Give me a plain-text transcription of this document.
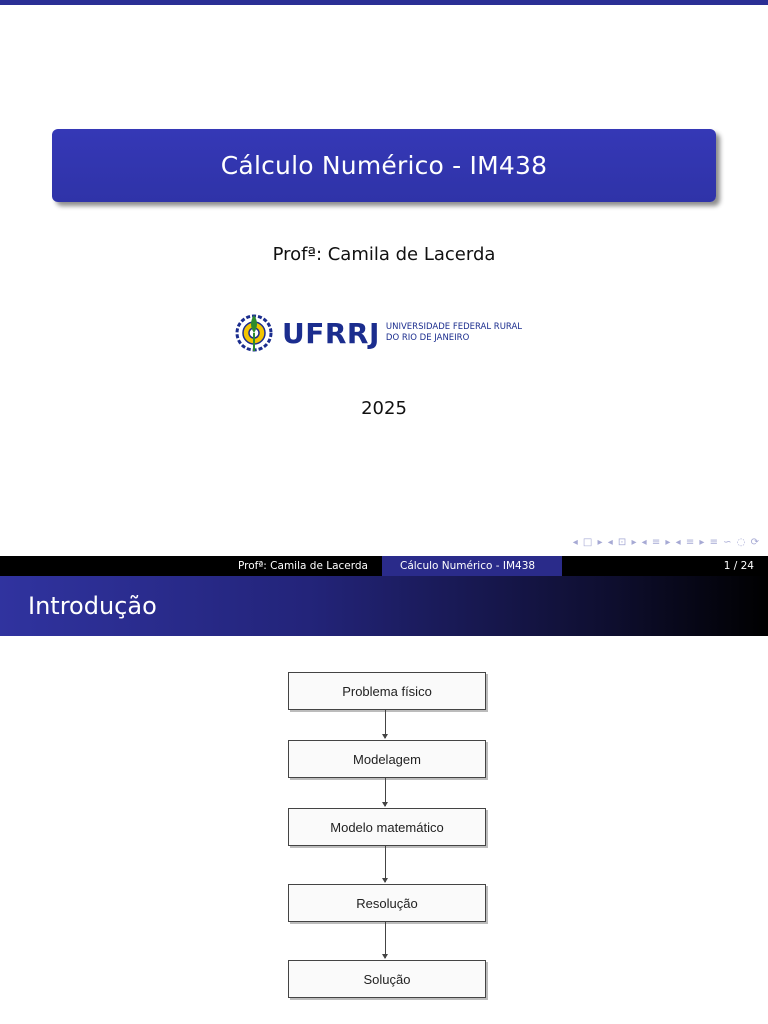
Cálculo Numérico - IM438
Profª: Camila de Lacerda
UFRRJ UNIVERSIDADE FEDERAL RURAL
DO RIO DE JANEIRO
2025
◂ □ ▸ ◂ ⊡ ▸ ◂ ≡ ▸ ◂ ≡ ▸ ≡ ∽ ◌ ⟳
Profª: Camila de Lacerda	Cálculo Numérico - IM438	1 / 24
Introdução
Problema físico
Modelagem
Modelo matemático
Resolução
Solução
